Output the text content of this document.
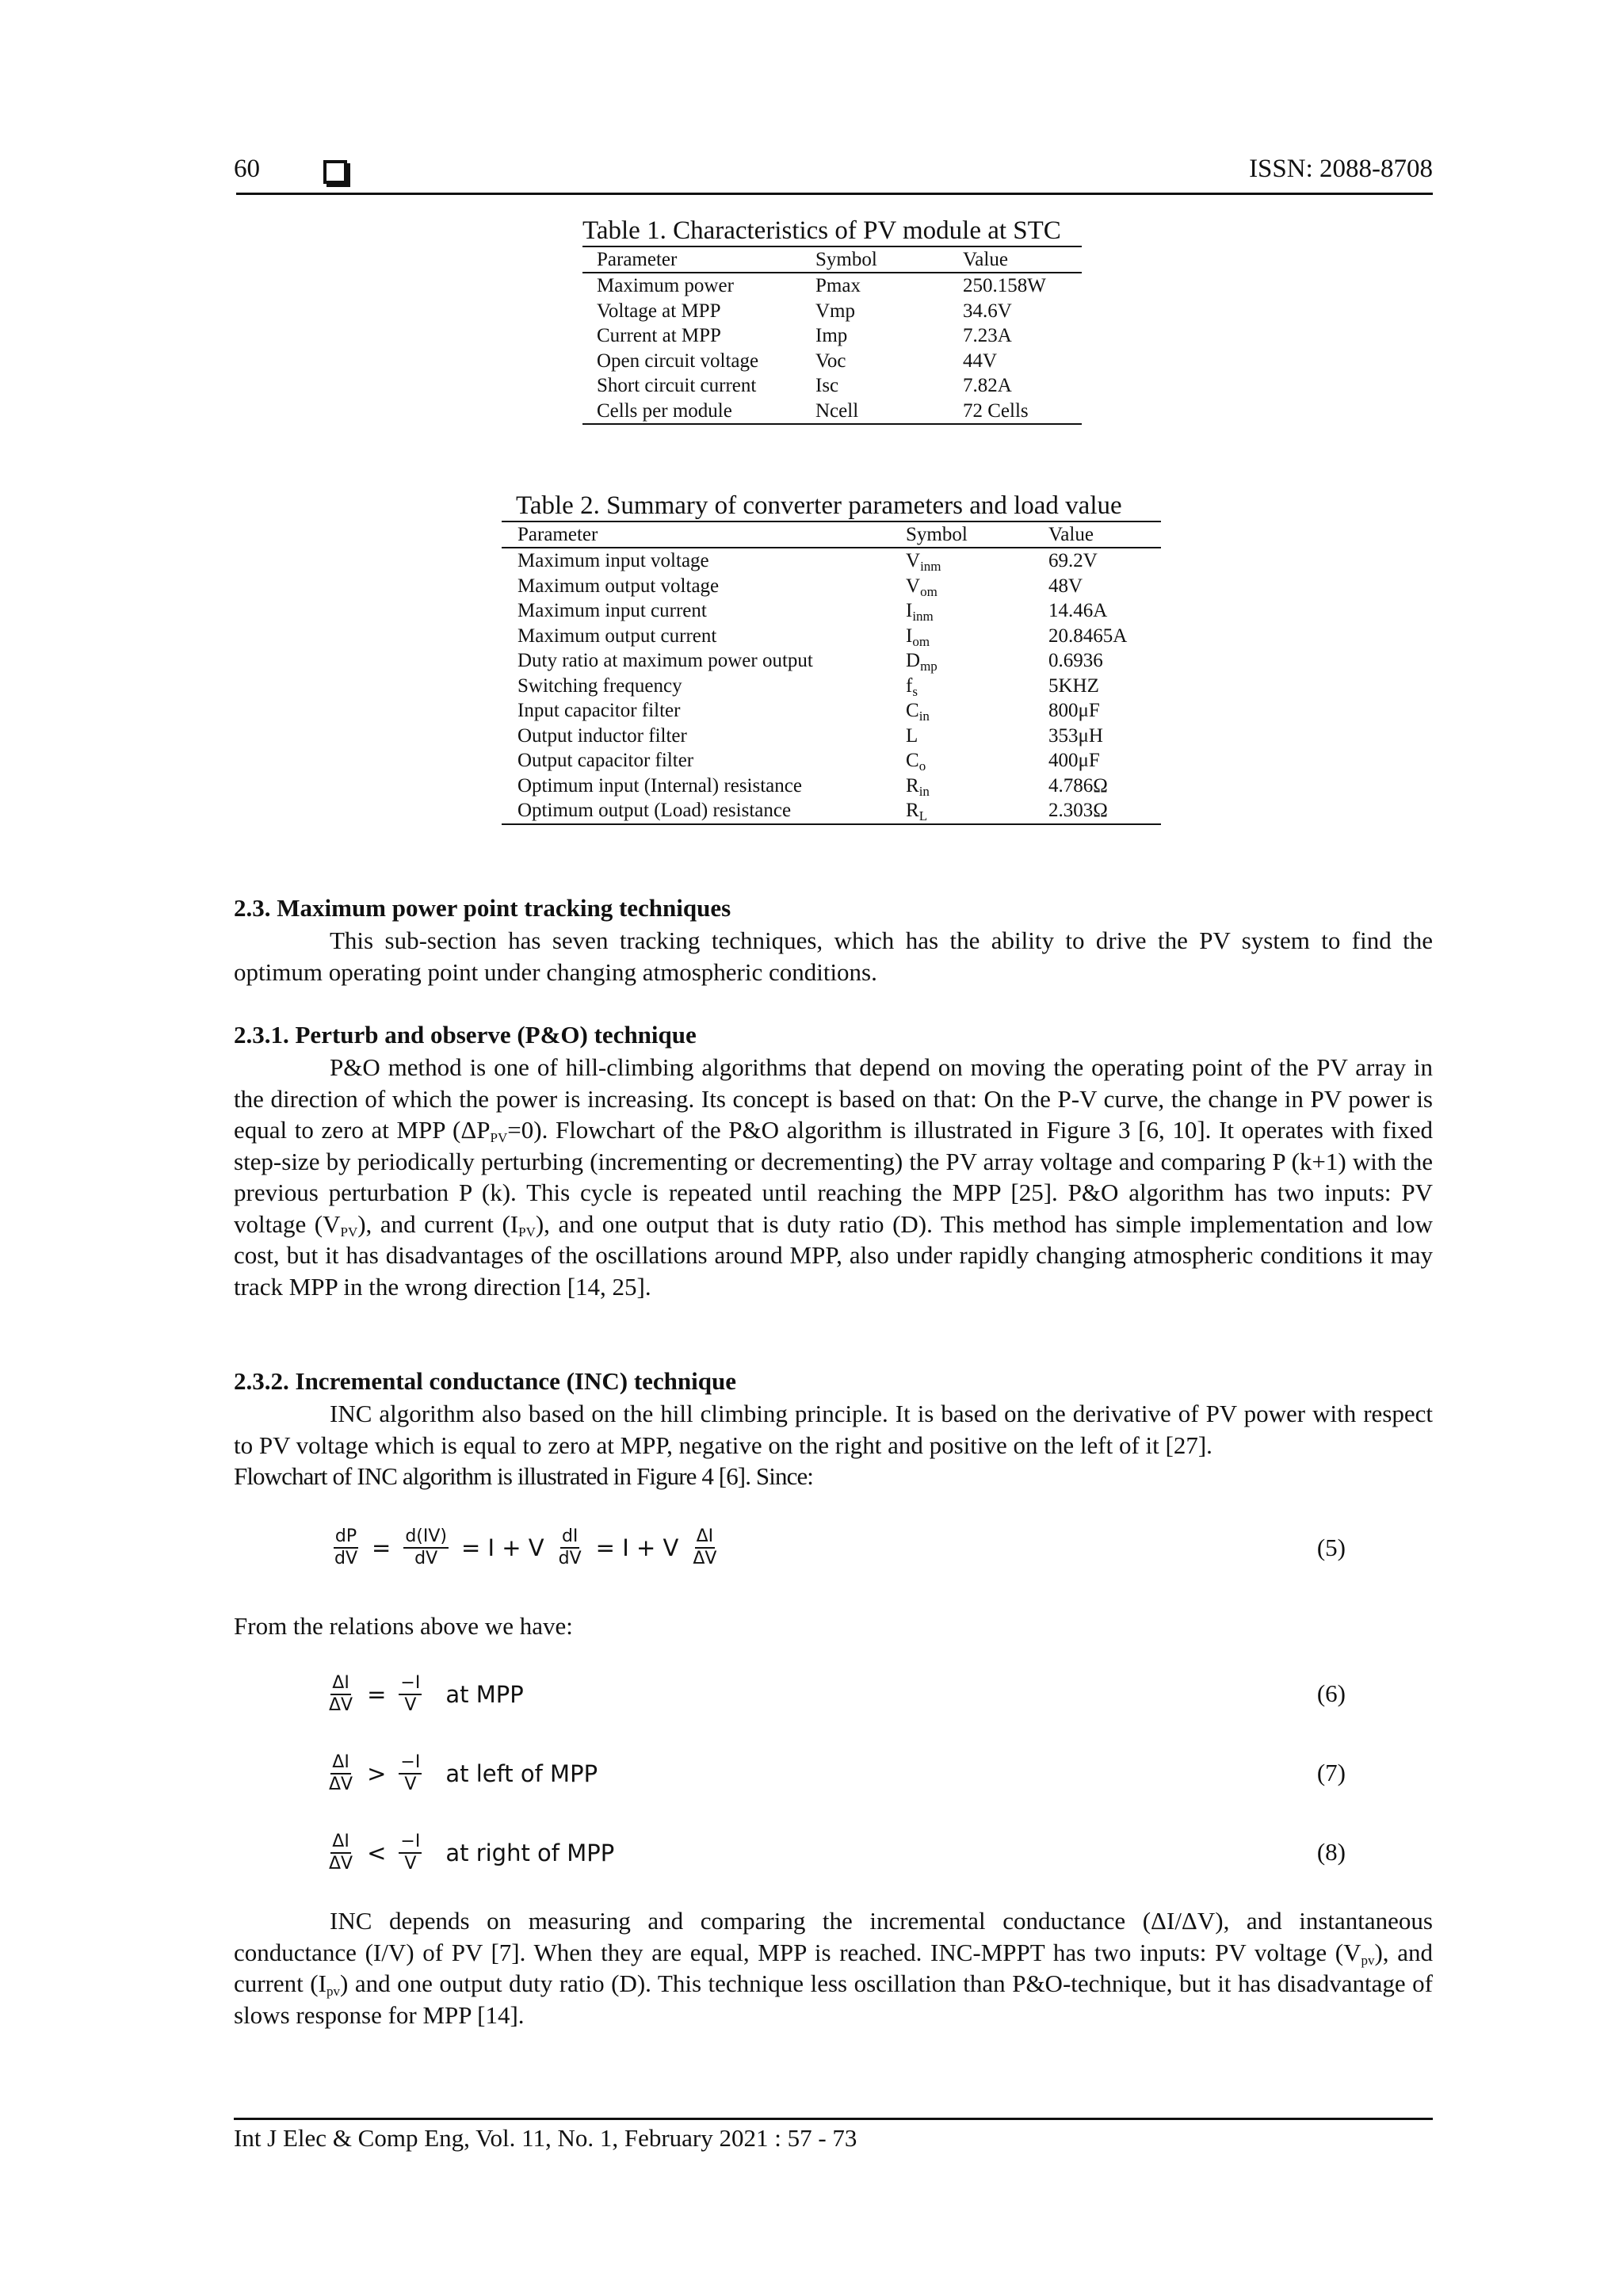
60	ISSN: 2088-8708
Table 1. Characteristics of PV module at STC
Parameter	Symbol	Value
Maximum power	Pmax	250.158W
Voltage at MPP	Vmp	34.6V
Current at MPP	Imp	7.23A
Open circuit voltage	Voc	44V
Short circuit current	Isc	7.82A
Cells per module	Ncell	72 Cells
Table 2. Summary of converter parameters and load value
Parameter	Symbol	Value
Maximum input voltage	$V_{inm}$	69.2V
Maximum output voltage	$V_{om}$	48V
Maximum input current	$I_{inm}$	14.46A
Maximum output current	$I_{om}$	20.8465A
Duty ratio at maximum power output	$D_{mp}$	0.6936
Switching frequency	$f_s$	5KHZ
Input capacitor filter	$C_{in}$	800μF
Output inductor filter	L	353μH
Output capacitor filter	$C_o$	400μF
Optimum input (Internal) resistance	$R_{in}$	4.786Ω
Optimum output (Load) resistance	$R_L$	2.303Ω
2.3. Maximum power point tracking techniques
This sub-section has seven tracking techniques, which has the ability to drive the PV system to find the optimum operating point under changing atmospheric conditions.
2.3.1. Perturb and observe (P&O) technique
P&O method is one of hill-climbing algorithms that depend on moving the operating point of the PV array in the direction of which the power is increasing. Its concept is based on that: On the P-V curve, the change in PV power is equal to zero at MPP $(\Delta P_{PV}=0)$. Flowchart of the P&O algorithm is illustrated in Figure 3 [6, 10]. It operates with fixed step-size by periodically perturbing (incrementing or decrementing) the PV array voltage and comparing P (k+1) with the previous perturbation P (k). This cycle is repeated until reaching the MPP [25]. P&O algorithm has two inputs: PV voltage $(V_{PV})$, and current $(I_{PV})$, and one output that is duty ratio (D). This method has simple implementation and low cost, but it has disadvantages of the oscillations around MPP, also under rapidly changing atmospheric conditions it may track MPP in the wrong direction [14, 25].
2.3.2. Incremental conductance (INC) technique
INC algorithm also based on the hill climbing principle. It is based on the derivative of PV power with respect to PV voltage which is equal to zero at MPP, negative on the right and positive on the left of it [27].
Flowchart of INC algorithm is illustrated in Figure 4 [6]. Since:
$\frac{dP}{dV} = \frac{d(IV)}{dV} = I + V \frac{dI}{dV} = I + V \frac{\Delta I}{\Delta V}$	(5)
From the relations above we have:
$\frac{\Delta I}{\Delta V} = \frac{-I}{V}$ at MPP	(6)
$\frac{\Delta I}{\Delta V} > \frac{-I}{V}$ at left of MPP	(7)
$\frac{\Delta I}{\Delta V} < \frac{-I}{V}$ at right of MPP	(8)
INC depends on measuring and comparing the incremental conductance (ΔI/ΔV), and instantaneous conductance (I/V) of PV [7]. When they are equal, MPP is reached. INC-MPPT has two inputs: PV voltage $(V_{pv})$, and current $(I_{pv})$ and one output duty ratio (D). This technique less oscillation than P&O-technique, but it has disadvantage of slows response for MPP [14].
Int J Elec & Comp Eng, Vol. 11, No. 1, February 2021 : 57 - 73
